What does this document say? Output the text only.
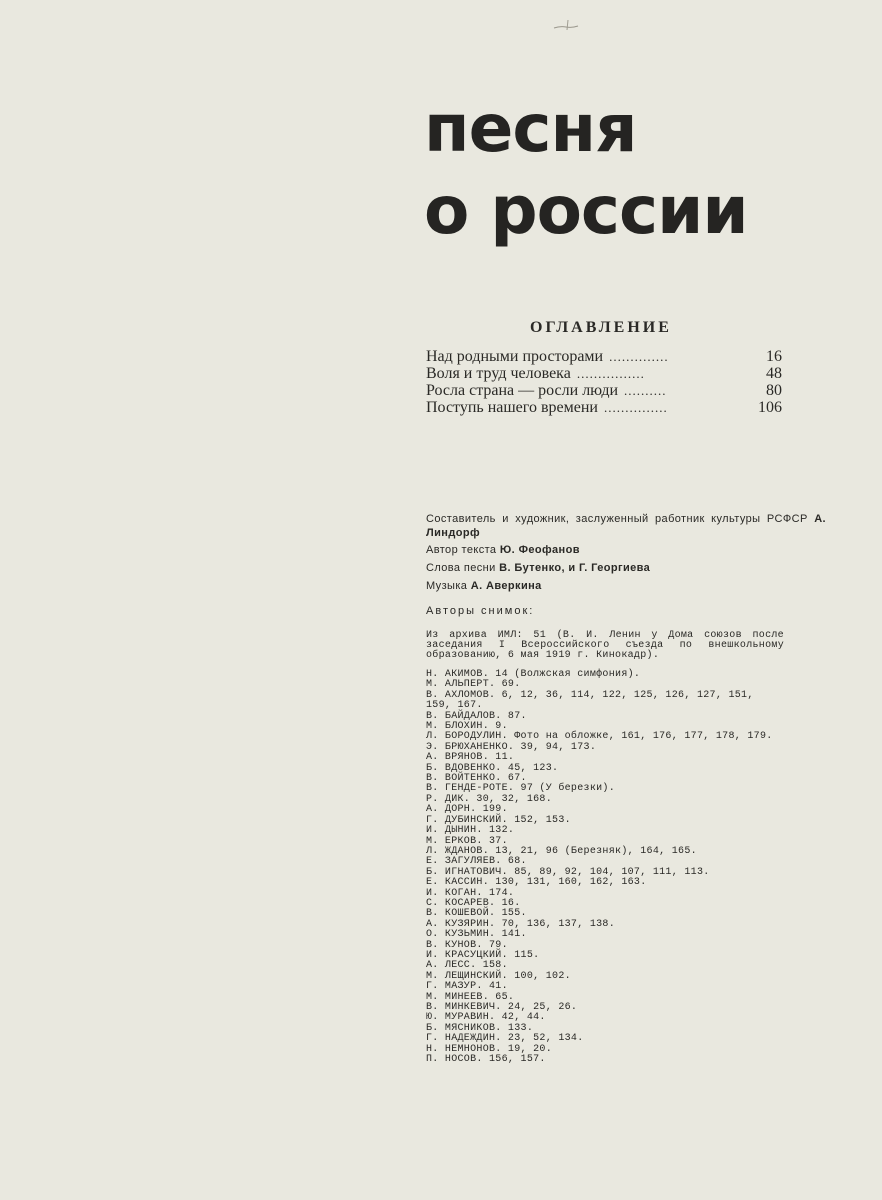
песня
о россии
ОГЛАВЛЕНИЕ
Над родными просторами ..............	16
Воля и труд человека ................	48
Росла страна — росли люди ..........	80
Поступь нашего времени ...............	106

Составитель и художник, заслуженный работник культуры РСФСР А. Линдорф

Автор текста Ю. Феофанов

Слова песни В. Бутенко, и Г. Георгиева

Музыка А. Аверкина

Авторы снимок:
Из архива ИМЛ: 51 (В. И. Ленин у Дома союзов после заседания I Всероссийского съезда по внешкольному образованию, 6 мая 1919 г. Кинокадр).
Н. АКИМОВ. 14 (Волжская симфония).
М. АЛЬПЕРТ. 69.
В. АХЛОМОВ. 6, 12, 36, 114, 122, 125, 126, 127, 151,
159, 167.
В. БАЙДАЛОВ. 87.
М. БЛОХИН. 9.
Л. БОРОДУЛИН. Фото на обложке, 161, 176, 177, 178, 179.
Э. БРЮХАНЕНКО. 39, 94, 173.
А. ВРЯНОВ. 11.
Б. ВДОВЕНКО. 45, 123.
В. ВОЙТЕНКО. 67.
В. ГЕНДЕ-РОТЕ. 97 (У березки).
Р. ДИК. 30, 32, 168.
А. ДОРН. 199.
Г. ДУБИНСКИЙ. 152, 153.
И. ДЫНИН. 132.
М. ЕРКОВ. 37.
Л. ЖДАНОВ. 13, 21, 96 (Березняк), 164, 165.
Е. ЗАГУЛЯЕВ. 68.
Б. ИГНАТОВИЧ. 85, 89, 92, 104, 107, 111, 113.
Е. КАССИН. 130, 131, 160, 162, 163.
И. КОГАН. 174.
С. КОСАРЕВ. 16.
В. КОШЕВОЙ. 155.
А. КУЗЯРИН. 70, 136, 137, 138.
О. КУЗЬМИН. 141.
В. КУНОВ. 79.
И. КРАСУЦКИЙ. 115.
А. ЛЕСС. 158.
М. ЛЕЩИНСКИЙ. 100, 102.
Г. МАЗУР. 41.
М. МИНЕЕВ. 65.
В. МИНКЕВИЧ. 24, 25, 26.
Ю. МУРАВИН. 42, 44.
Б. МЯСНИКОВ. 133.
Г. НАДЕЖДИН. 23, 52, 134.
Н. НЕМНОНОВ. 19, 20.
П. НОСОВ. 156, 157.
